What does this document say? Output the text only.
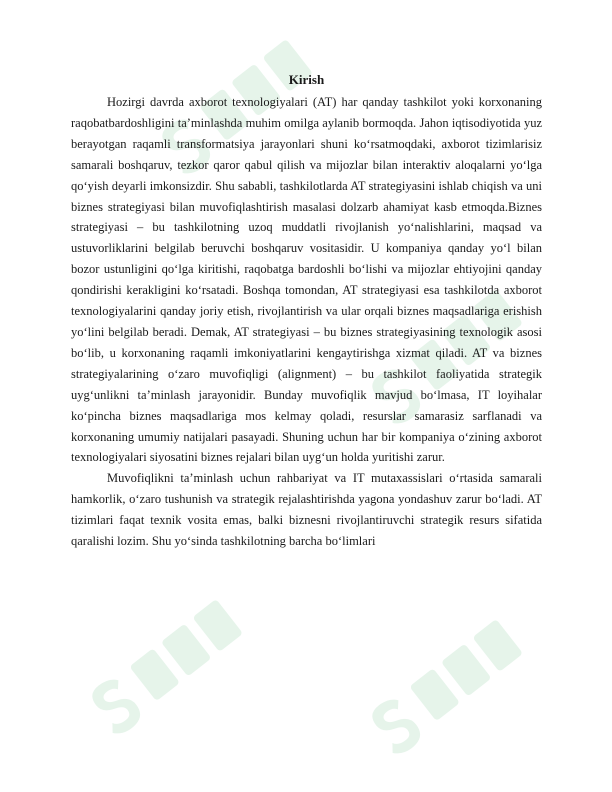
Kirish

Hozirgi davrda axborot texnologiyalari (AT) har qanday tashkilot yoki korxonaning raqobatbardoshligini ta’minlashda muhim omilga aylanib bormoqda. Jahon iqtisodiyotida yuz berayotgan raqamli transformatsiya jarayonlari shuni ko‘rsatmoqdaki, axborot tizimlarisiz samarali boshqaruv, tezkor qaror qabul qilish va mijozlar bilan interaktiv aloqalarni yo‘lga qo‘yish deyarli imkonsizdir. Shu sababli, tashkilotlarda AT strategiyasini ishlab chiqish va uni biznes strategiyasi bilan muvofiqlashtirish masalasi dolzarb ahamiyat kasb etmoqda.Biznes strategiyasi – bu tashkilotning uzoq muddatli rivojlanish yo‘nalishlarini, maqsad va ustuvorliklarini belgilab beruvchi boshqaruv vositasidir. U kompaniya qanday yo‘l bilan bozor ustunligini qo‘lga kiritishi, raqobatga bardoshli bo‘lishi va mijozlar ehtiyojini qanday qondirishi kerakligini ko‘rsatadi. Boshqa tomondan, AT strategiyasi esa tashkilotda axborot texnologiyalarini qanday joriy etish, rivojlantirish va ular orqali biznes maqsadlariga erishish yo‘lini belgilab beradi. Demak, AT strategiyasi – bu biznes strategiyasining texnologik asosi bo‘lib, u korxonaning raqamli imkoniyatlarini kengaytirishga xizmat qiladi. AT va biznes strategiyalarining o‘zaro muvofiqligi (alignment) – bu tashkilot faoliyatida strategik uyg‘unlikni ta’minlash jarayonidir. Bunday muvofiqlik mavjud bo‘lmasa, IT loyihalar ko‘pincha biznes maqsadlariga mos kelmay qoladi, resurslar samarasiz sarflanadi va korxonaning umumiy natijalari pasayadi. Shuning uchun har bir kompaniya o‘zining axborot texnologiyalari siyosatini biznes rejalari bilan uyg‘un holda yuritishi zarur.

Muvofiqlikni ta’minlash uchun rahbariyat va IT mutaxassislari o‘rtasida samarali hamkorlik, o‘zaro tushunish va strategik rejalashtirishda yagona yondashuv zarur bo‘ladi. AT tizimlari faqat texnik vosita emas, balki biznesni rivojlantiruvchi strategik resurs sifatida qaralishi lozim. Shu yo‘sinda tashkilotning barcha bo‘limlari
